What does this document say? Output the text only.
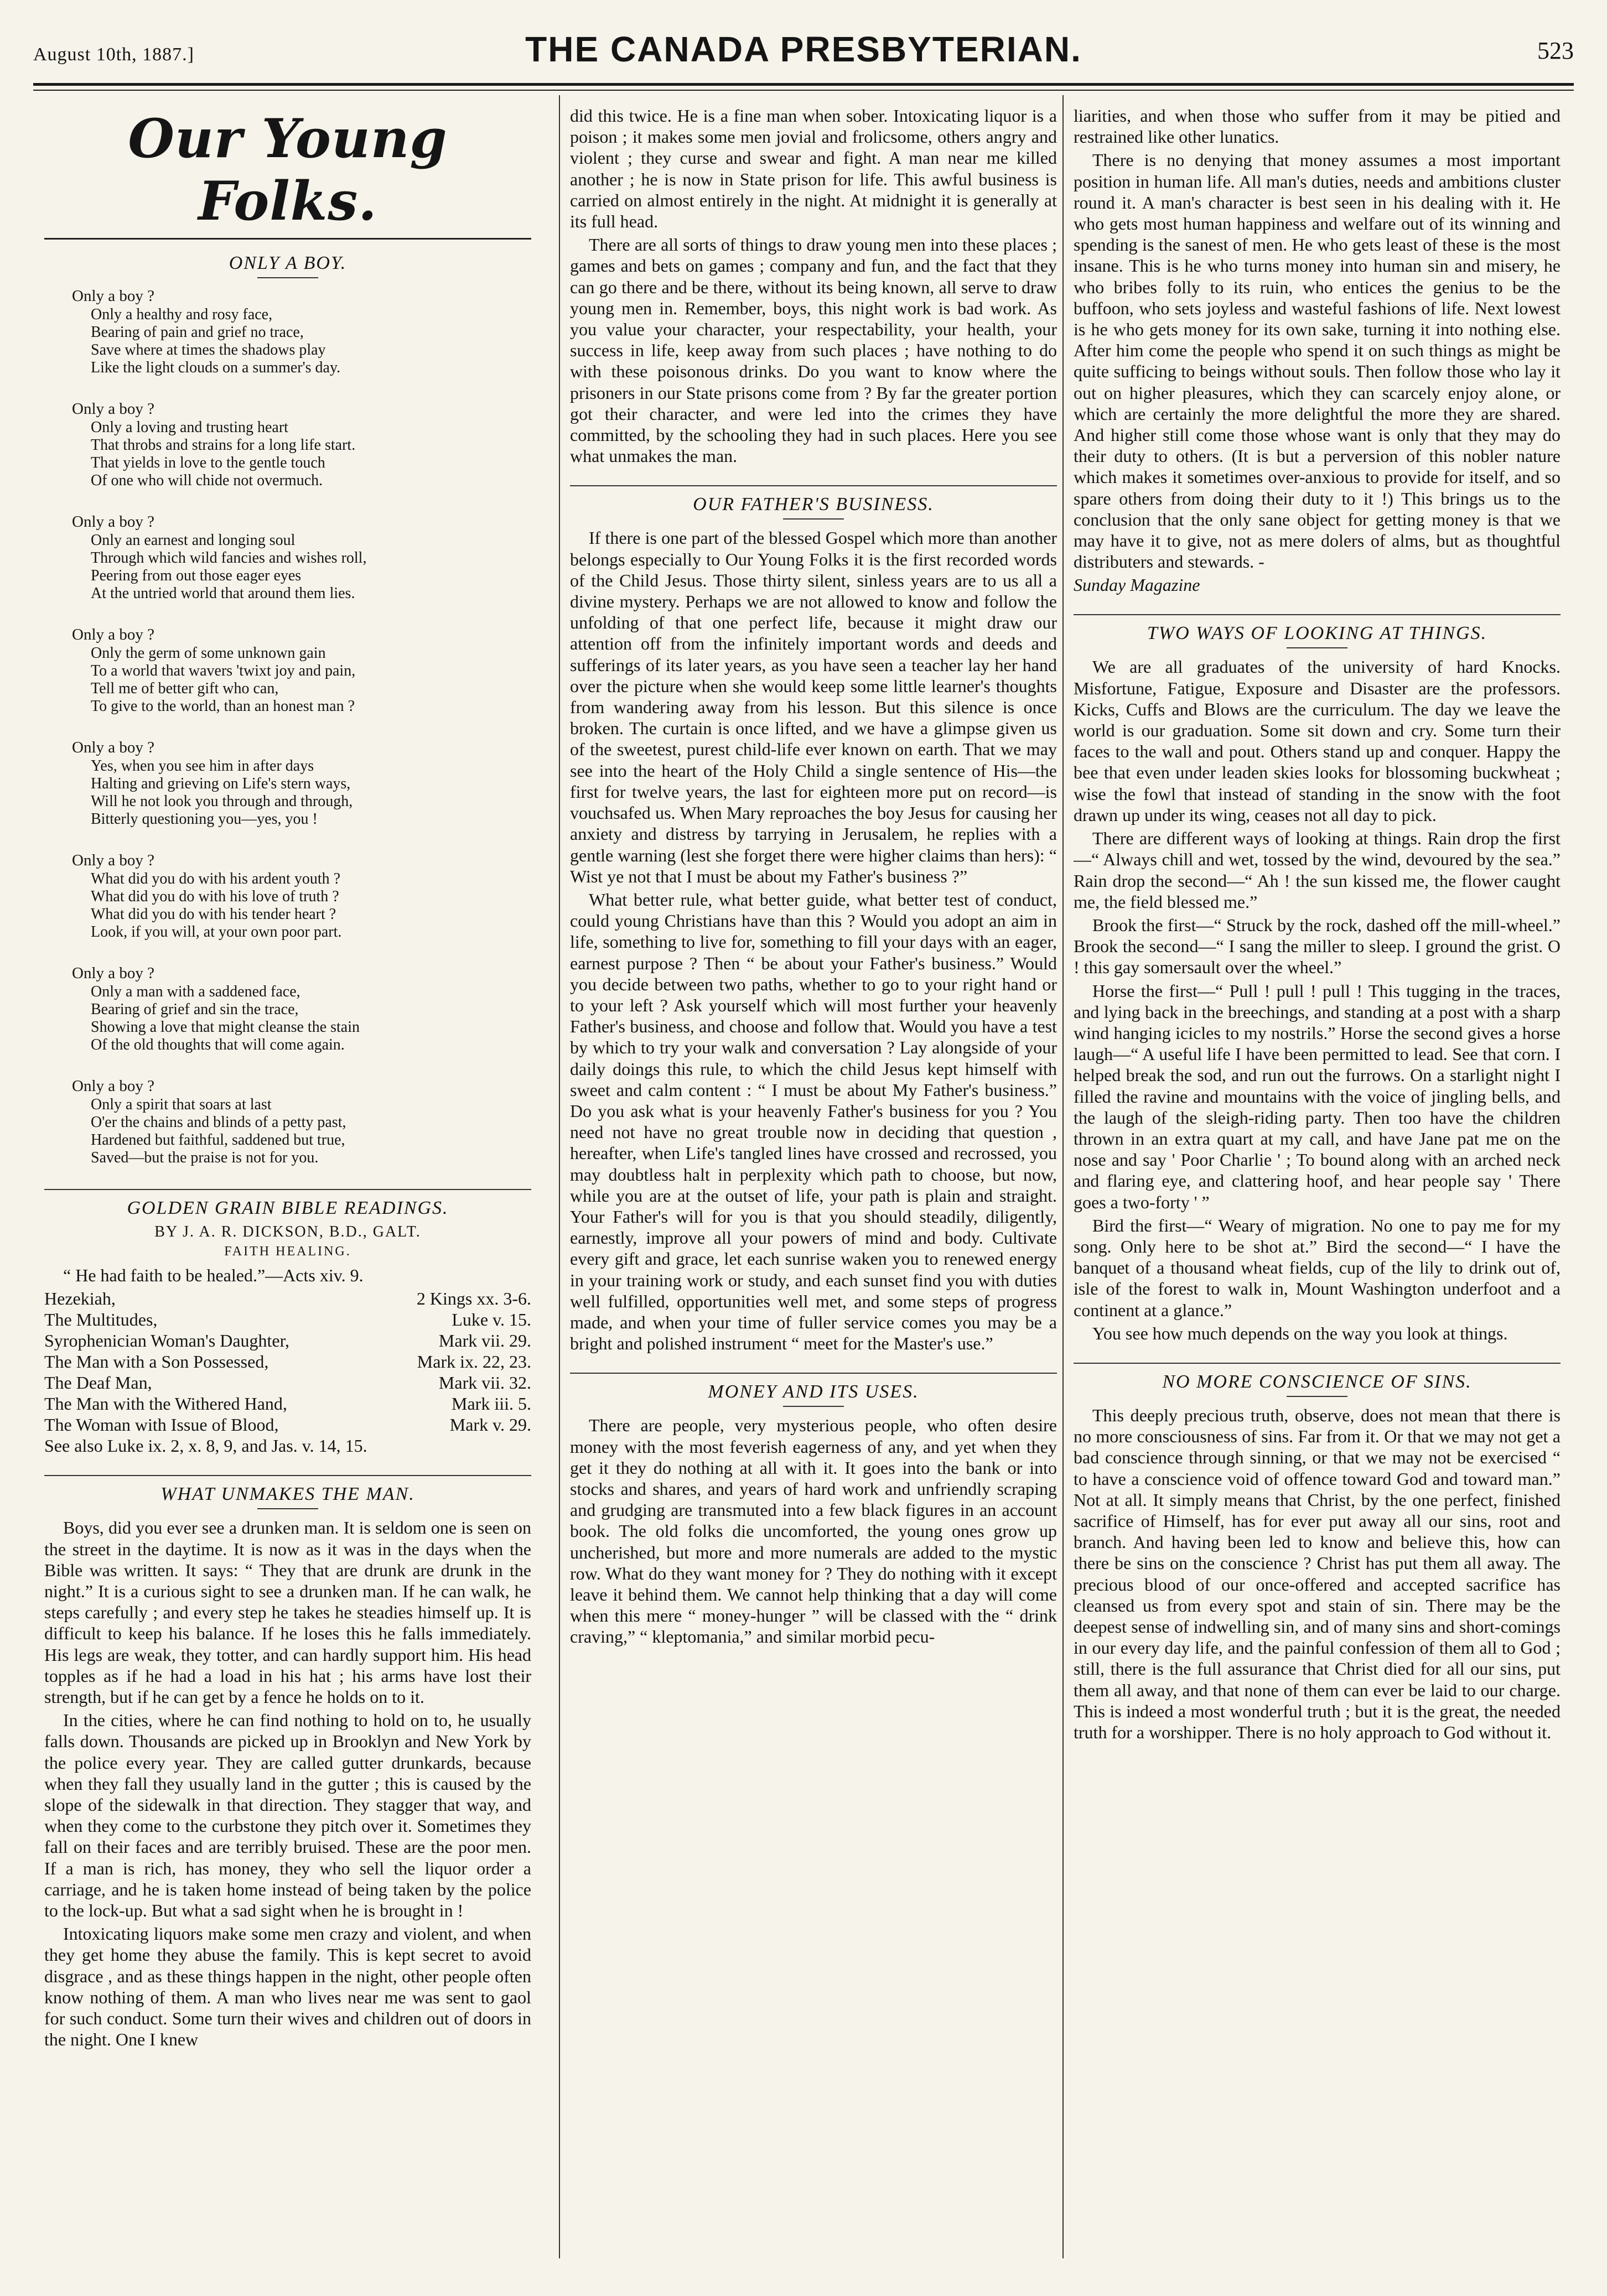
August 10th, 1887.]	THE CANADA PRESBYTERIAN.	523
Our Young Folks.
ONLY A BOY.
Only a boy ?
Only a healthy and rosy face,
Bearing of pain and grief no trace,
Save where at times the shadows play
Like the light clouds on a summer's day.
Only a boy ?
Only a loving and trusting heart
That throbs and strains for a long life start.
That yields in love to the gentle touch
Of one who will chide not overmuch.
Only a boy ?
Only an earnest and longing soul
Through which wild fancies and wishes roll,
Peering from out those eager eyes
At the untried world that around them lies.
Only a boy ?
Only the germ of some unknown gain
To a world that wavers 'twixt joy and pain,
Tell me of better gift who can,
To give to the world, than an honest man ?
Only a boy ?
Yes, when you see him in after days
Halting and grieving on Life's stern ways,
Will he not look you through and through,
Bitterly questioning you—yes, you !
Only a boy ?
What did you do with his ardent youth ?
What did you do with his love of truth ?
What did you do with his tender heart ?
Look, if you will, at your own poor part.
Only a boy ?
Only a man with a saddened face,
Bearing of grief and sin the trace,
Showing a love that might cleanse the stain
Of the old thoughts that will come again.
Only a boy ?
Only a spirit that soars at last
O'er the chains and blinds of a petty past,
Hardened but faithful, saddened but true,
Saved—but the praise is not for you.
GOLDEN GRAIN BIBLE READINGS.
BY J. A. R. DICKSON, B.D., GALT.
FAITH HEALING.

“ He had faith to be healed.”—Acts xiv. 9.

Hezekiah,	2 Kings xx. 3-6.
The Multitudes,	Luke v. 15.
Syrophenician Woman's Daughter,	Mark vii. 29.
The Man with a Son Possessed,	Mark ix. 22, 23.
The Deaf Man,	Mark vii. 32.
The Man with the Withered Hand,	Mark iii. 5.
The Woman with Issue of Blood,	Mark v. 29.

See also Luke ix. 2, x. 8, 9, and Jas. v. 14, 15.

WHAT UNMAKES THE MAN.

Boys, did you ever see a drunken man. It is seldom one is seen on the street in the daytime. It is now as it was in the days when the Bible was written. It says: “ They that are drunk are drunk in the night.” It is a curious sight to see a drunken man. If he can walk, he steps carefully ; and every step he takes he steadies himself up. It is difficult to keep his balance. If he loses this he falls immediately. His legs are weak, they totter, and can hardly support him. His head topples as if he had a load in his hat ; his arms have lost their strength, but if he can get by a fence he holds on to it.

In the cities, where he can find nothing to hold on to, he usually falls down. Thousands are picked up in Brooklyn and New York by the police every year. They are called gutter drunkards, because when they fall they usually land in the gutter ; this is caused by the slope of the sidewalk in that direction. They stagger that way, and when they come to the curbstone they pitch over it. Sometimes they fall on their faces and are terribly bruised. These are the poor men. If a man is rich, has money, they who sell the liquor order a carriage, and he is taken home instead of being taken by the police to the lock-up. But what a sad sight when he is brought in !

Intoxicating liquors make some men crazy and violent, and when they get home they abuse the family. This is kept secret to avoid disgrace , and as these things happen in the night, other people often know nothing of them. A man who lives near me was sent to gaol for such conduct. Some turn their wives and children out of doors in the night. One I knew

did this twice. He is a fine man when sober. Intoxicating liquor is a poison ; it makes some men jovial and frolicsome, others angry and violent ; they curse and swear and fight. A man near me killed another ; he is now in State prison for life. This awful business is carried on almost entirely in the night. At midnight it is generally at its full head.

There are all sorts of things to draw young men into these places ; games and bets on games ; company and fun, and the fact that they can go there and be there, without its being known, all serve to draw young men in. Remember, boys, this night work is bad work. As you value your character, your respectability, your health, your success in life, keep away from such places ; have nothing to do with these poisonous drinks. Do you want to know where the prisoners in our State prisons come from ? By far the greater portion got their character, and were led into the crimes they have committed, by the schooling they had in such places. Here you see what unmakes the man.

OUR FATHER'S BUSINESS.

If there is one part of the blessed Gospel which more than another belongs especially to Our Young Folks it is the first recorded words of the Child Jesus. Those thirty silent, sinless years are to us all a divine mystery. Perhaps we are not allowed to know and follow the unfolding of that one perfect life, because it might draw our attention off from the infinitely important words and deeds and sufferings of its later years, as you have seen a teacher lay her hand over the picture when she would keep some little learner's thoughts from wandering away from his lesson. But this silence is once broken. The curtain is once lifted, and we have a glimpse given us of the sweetest, purest child-life ever known on earth. That we may see into the heart of the Holy Child a single sentence of His—the first for twelve years, the last for eighteen more put on record—is vouchsafed us. When Mary reproaches the boy Jesus for causing her anxiety and distress by tarrying in Jerusalem, he replies with a gentle warning (lest she forget there were higher claims than hers): “ Wist ye not that I must be about my Father's business ?”

What better rule, what better guide, what better test of conduct, could young Christians have than this ? Would you adopt an aim in life, something to live for, something to fill your days with an eager, earnest purpose ? Then “ be about your Father's business.” Would you decide between two paths, whether to go to your right hand or to your left ? Ask yourself which will most further your heavenly Father's business, and choose and follow that. Would you have a test by which to try your walk and conversation ? Lay alongside of your daily doings this rule, to which the child Jesus kept himself with sweet and calm content : “ I must be about My Father's business.” Do you ask what is your heavenly Father's business for you ? You need not have no great trouble now in deciding that question , hereafter, when Life's tangled lines have crossed and recrossed, you may doubtless halt in perplexity which path to choose, but now, while you are at the outset of life, your path is plain and straight. Your Father's will for you is that you should steadily, diligently, earnestly, improve all your powers of mind and body. Cultivate every gift and grace, let each sunrise waken you to renewed energy in your training work or study, and each sunset find you with duties well fulfilled, opportunities well met, and some steps of progress made, and when your time of fuller service comes you may be a bright and polished instrument “ meet for the Master's use.”

MONEY AND ITS USES.

There are people, very mysterious people, who often desire money with the most feverish eagerness of any, and yet when they get it they do nothing at all with it. It goes into the bank or into stocks and shares, and years of hard work and unfriendly scraping and grudging are transmuted into a few black figures in an account book. The old folks die uncomforted, the young ones grow up uncherished, but more and more numerals are added to the mystic row. What do they want money for ? They do nothing with it except leave it behind them. We cannot help thinking that a day will come when this mere “ money-hunger ” will be classed with the “ drink craving,” “ kleptomania,” and similar morbid pecu-

liarities, and when those who suffer from it may be pitied and restrained like other lunatics.

There is no denying that money assumes a most important position in human life. All man's duties, needs and ambitions cluster round it. A man's character is best seen in his dealing with it. He who gets most human happiness and welfare out of its winning and spending is the sanest of men. He who gets least of these is the most insane. This is he who turns money into human sin and misery, he who bribes folly to its ruin, who entices the genius to be the buffoon, who sets joyless and wasteful fashions of life. Next lowest is he who gets money for its own sake, turning it into nothing else. After him come the people who spend it on such things as might be quite sufficing to beings without souls. Then follow those who lay it out on higher pleasures, which they can scarcely enjoy alone, or which are certainly the more delightful the more they are shared. And higher still come those whose want is only that they may do their duty to others. (It is but a perversion of this nobler nature which makes it sometimes over-anxious to provide for itself, and so spare others from doing their duty to it !) This brings us to the conclusion that the only sane object for getting money is that we may have it to give, not as mere dolers of alms, but as thoughtful distributers and stewards. -

Sunday Magazine
TWO WAYS OF LOOKING AT THINGS.

We are all graduates of the university of hard Knocks. Misfortune, Fatigue, Exposure and Disaster are the professors. Kicks, Cuffs and Blows are the curriculum. The day we leave the world is our graduation. Some sit down and cry. Some turn their faces to the wall and pout. Others stand up and conquer. Happy the bee that even under leaden skies looks for blossoming buckwheat ; wise the fowl that instead of standing in the snow with the foot drawn up under its wing, ceases not all day to pick.

There are different ways of looking at things. Rain drop the first—“ Always chill and wet, tossed by the wind, devoured by the sea.” Rain drop the second—“ Ah ! the sun kissed me, the flower caught me, the field blessed me.”

Brook the first—“ Struck by the rock, dashed off the mill-wheel.” Brook the second—“ I sang the miller to sleep. I ground the grist. O ! this gay somersault over the wheel.”

Horse the first—“ Pull ! pull ! pull ! This tugging in the traces, and lying back in the breechings, and standing at a post with a sharp wind hanging icicles to my nostrils.” Horse the second gives a horse laugh—“ A useful life I have been permitted to lead. See that corn. I helped break the sod, and run out the furrows. On a starlight night I filled the ravine and mountains with the voice of jingling bells, and the laugh of the sleigh-riding party. Then too have the children thrown in an extra quart at my call, and have Jane pat me on the nose and say ' Poor Charlie ' ; To bound along with an arched neck and flaring eye, and clattering hoof, and hear people say ' There goes a two-forty ' ”

Bird the first—“ Weary of migration. No one to pay me for my song. Only here to be shot at.” Bird the second—“ I have the banquet of a thousand wheat fields, cup of the lily to drink out of, isle of the forest to walk in, Mount Washington underfoot and a continent at a glance.”

You see how much depends on the way you look at things.

NO MORE CONSCIENCE OF SINS.

This deeply precious truth, observe, does not mean that there is no more consciousness of sins. Far from it. Or that we may not get a bad conscience through sinning, or that we may not be exercised “ to have a conscience void of offence toward God and toward man.” Not at all. It simply means that Christ, by the one perfect, finished sacrifice of Himself, has for ever put away all our sins, root and branch. And having been led to know and believe this, how can there be sins on the conscience ? Christ has put them all away. The precious blood of our once-offered and accepted sacrifice has cleansed us from every spot and stain of sin. There may be the deepest sense of indwelling sin, and of many sins and short-comings in our every day life, and the painful confession of them all to God ; still, there is the full assurance that Christ died for all our sins, put them all away, and that none of them can ever be laid to our charge. This is indeed a most wonderful truth ; but it is the great, the needed truth for a worshipper. There is no holy approach to God without it.
